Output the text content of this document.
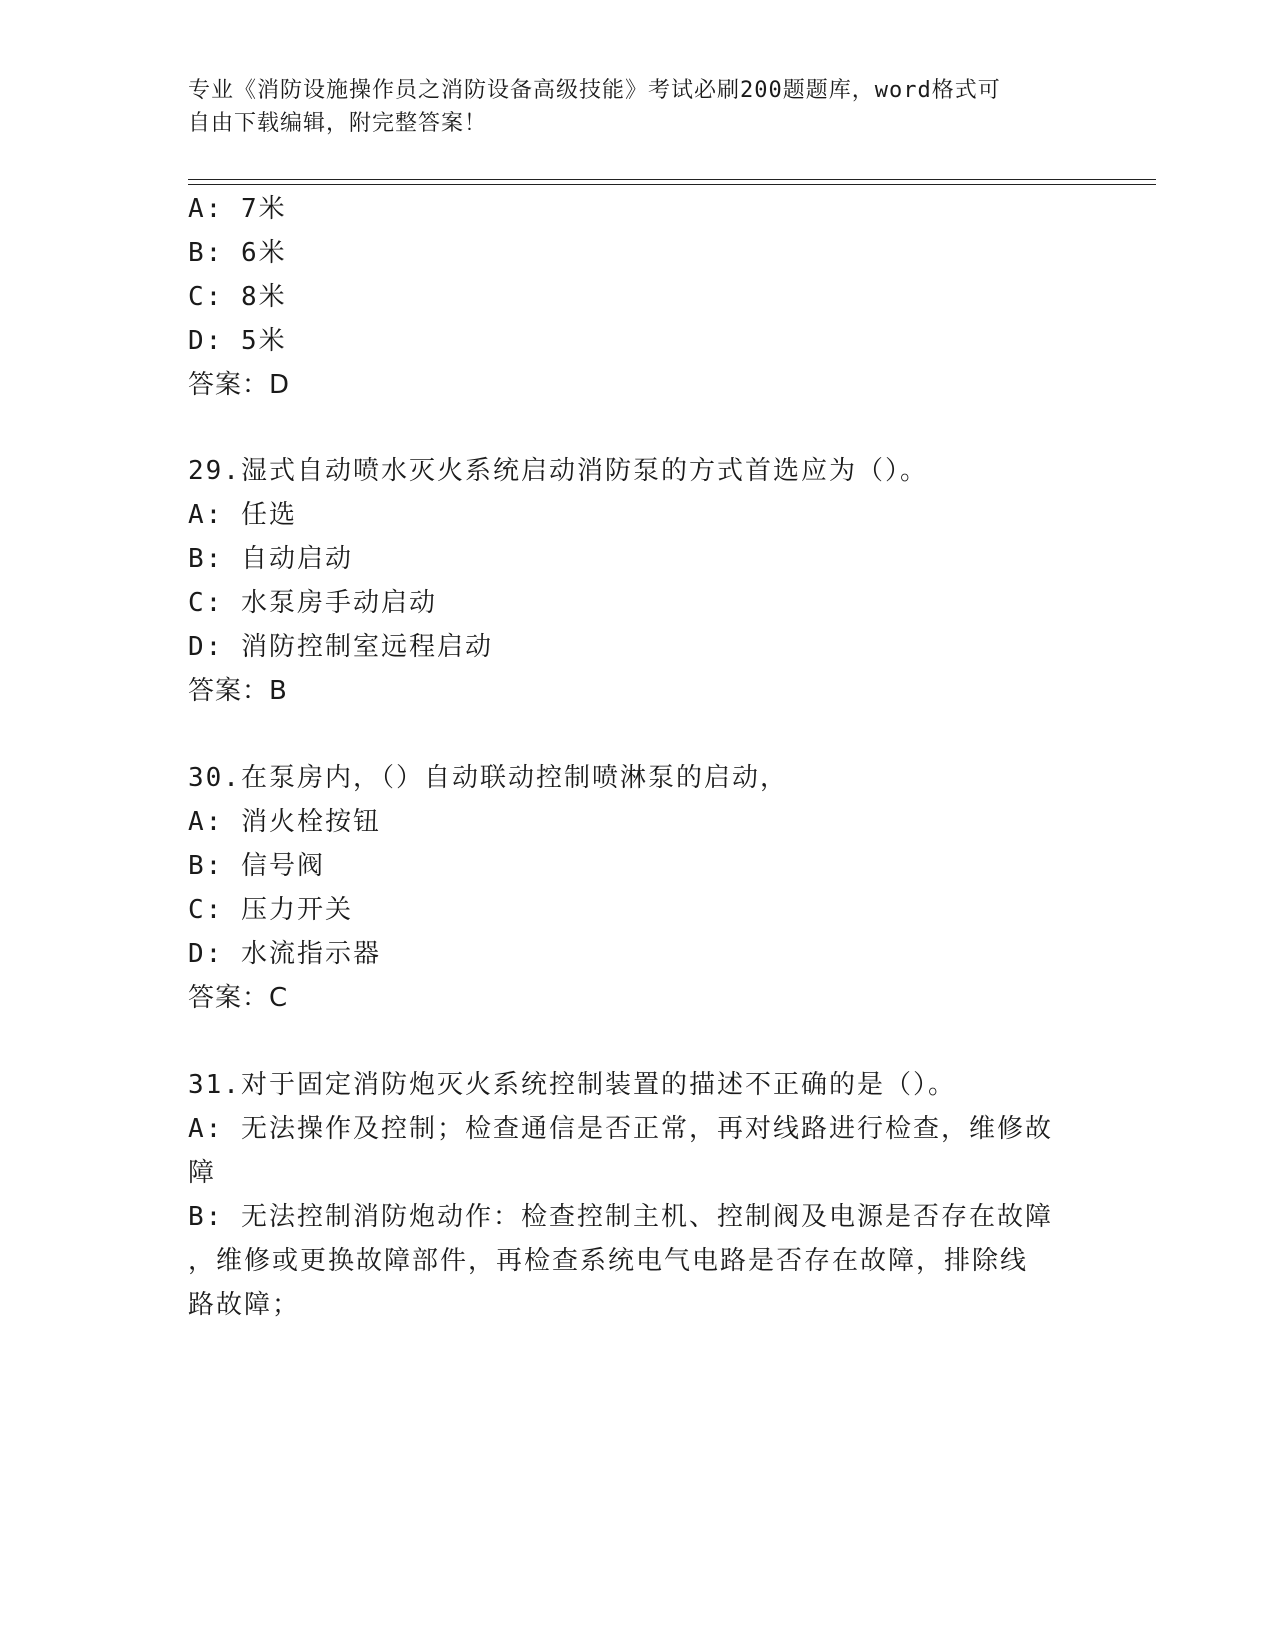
专业《消防设施操作员之消防设备高级技能》考试必刷200题题库，word格式可
自由下载编辑，附完整答案！
A: 7米
B: 6米
C: 8米
D: 5米
答案：D
29.湿式自动喷水灭火系统启动消防泵的方式首选应为（）。
A: 任选
B: 自动启动
C: 水泵房手动启动
D: 消防控制室远程启动
答案：B
30.在泵房内，（）自动联动控制喷淋泵的启动，
A: 消火栓按钮
B: 信号阀
C: 压力开关
D: 水流指示器
答案：C
31.对于固定消防炮灭火系统控制装置的描述不正确的是（）。
A: 无法操作及控制；检查通信是否正常，再对线路进行检查，维修故
障
B: 无法控制消防炮动作：检查控制主机、控制阀及电源是否存在故障
，维修或更换故障部件，再检查系统电气电路是否存在故障，排除线
路故障；
